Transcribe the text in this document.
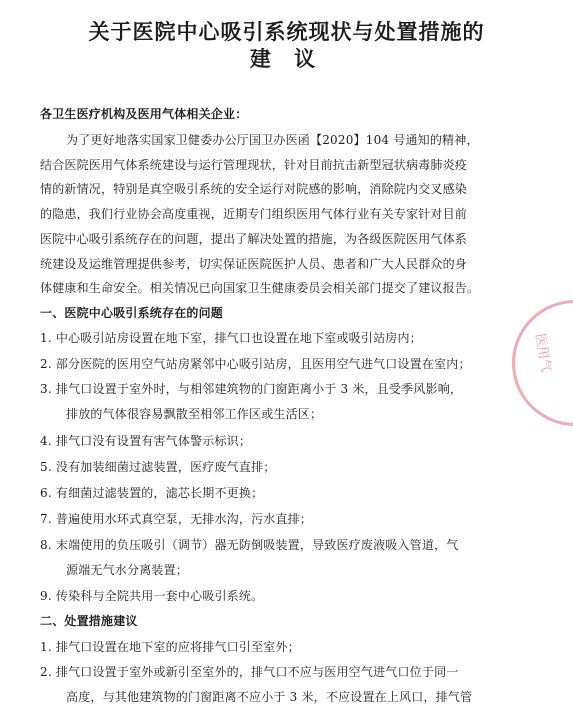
关于医院中心吸引系统现状与处置措施的
建 议
各卫生医疗机构及医用气体相关企业：
为了更好地落实国家卫健委办公厅国卫办医函【2020】104 号通知的精神，
结合医院医用气体系统建设与运行管理现状，针对目前抗击新型冠状病毒肺炎疫
情的新情况，特别是真空吸引系统的安全运行对院感的影响，消除院内交叉感染
的隐患，我们行业协会高度重视，近期专门组织医用气体行业有关专家针对目前
医院中心吸引系统存在的问题，提出了解决处置的措施，为各级医院医用气体系
统建设及运维管理提供参考，切实保证医院医护人员、患者和广大人民群众的身
体健康和生命安全。相关情况已向国家卫生健康委员会相关部门提交了建议报告。
一、医院中心吸引系统存在的问题
1. 中心吸引站房设置在地下室，排气口也设置在地下室或吸引站房内；
2. 部分医院的医用空气站房紧邻中心吸引站房，且医用空气进气口设置在室内；
3. 排气口设置于室外时，与相邻建筑物的门窗距离小于 3 米，且受季风影响，
排放的气体很容易飘散至相邻工作区或生活区；
4. 排气口没有设置有害气体警示标识；
5. 没有加装细菌过滤装置，医疗废气直排；
6. 有细菌过滤装置的，滤芯长期不更换；
7. 普遍使用水环式真空泵，无排水沟，污水直排；
8. 末端使用的负压吸引（调节）器无防倒吸装置，导致医疗废液吸入管道，气
源端无气水分离装置；
9. 传染科与全院共用一套中心吸引系统。
二、处置措施建议
1. 排气口设置在地下室的应将排气口引至室外；
2. 排气口设置于室外或新引至室外的，排气口不应与医用空气进气口位于同一
高度，与其他建筑物的门窗距离不应小于 3 米，不应设置在上风口，排气管
医用气
